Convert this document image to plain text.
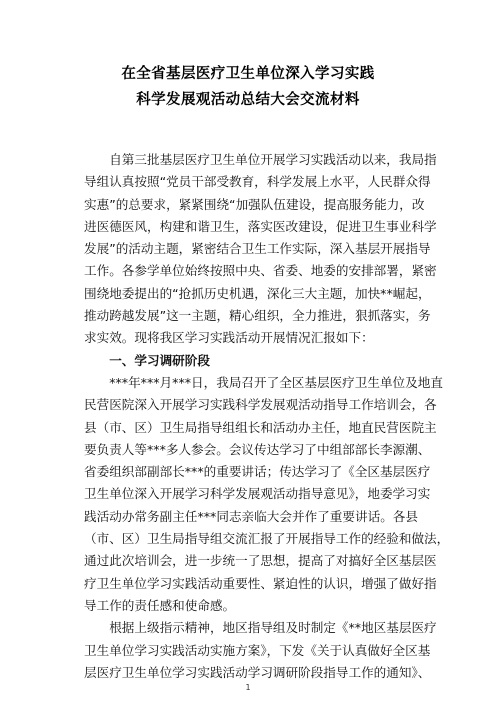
在全省基层医疗卫生单位深入学习实践
科学发展观活动总结大会交流材料
　　自第三批基层医疗卫生单位开展学习实践活动以来，我局指
导组认真按照“党员干部受教育，科学发展上水平，人民群众得
实惠”的总要求，紧紧围绕“加强队伍建设，提高服务能力，改
进医德医风，构建和谐卫生，落实医改建设，促进卫生事业科学
发展”的活动主题，紧密结合卫生工作实际，深入基层开展指导
工作。各参学单位始终按照中央、省委、地委的安排部署，紧密
围绕地委提出的“抢抓历史机遇，深化三大主题，加快**崛起，
推动跨越发展”这一主题，精心组织，全力推进，狠抓落实，务
求实效。现将我区学习实践活动开展情况汇报如下：
　　一、学习调研阶段
　　***年***月***日，我局召开了全区基层医疗卫生单位及地直
民营医院深入开展学习实践科学发展观活动指导工作培训会，各
县（市、区）卫生局指导组组长和活动办主任，地直民营医院主
要负责人等***多人参会。会议传达学习了中组部部长李源潮、
省委组织部副部长***的重要讲话；传达学习了《全区基层医疗
卫生单位深入开展学习科学发展观活动指导意见》，地委学习实
践活动办常务副主任***同志亲临大会并作了重要讲话。各县
（市、区）卫生局指导组交流汇报了开展指导工作的经验和做法，
通过此次培训会，进一步统一了思想，提高了对搞好全区基层医
疗卫生单位学习实践活动重要性、紧迫性的认识，增强了做好指
导工作的责任感和使命感。
　　根据上级指示精神，地区指导组及时制定《**地区基层医疗
卫生单位学习实践活动实施方案》，下发《关于认真做好全区基
层医疗卫生单位学习实践活动学习调研阶段指导工作的通知》、
1
